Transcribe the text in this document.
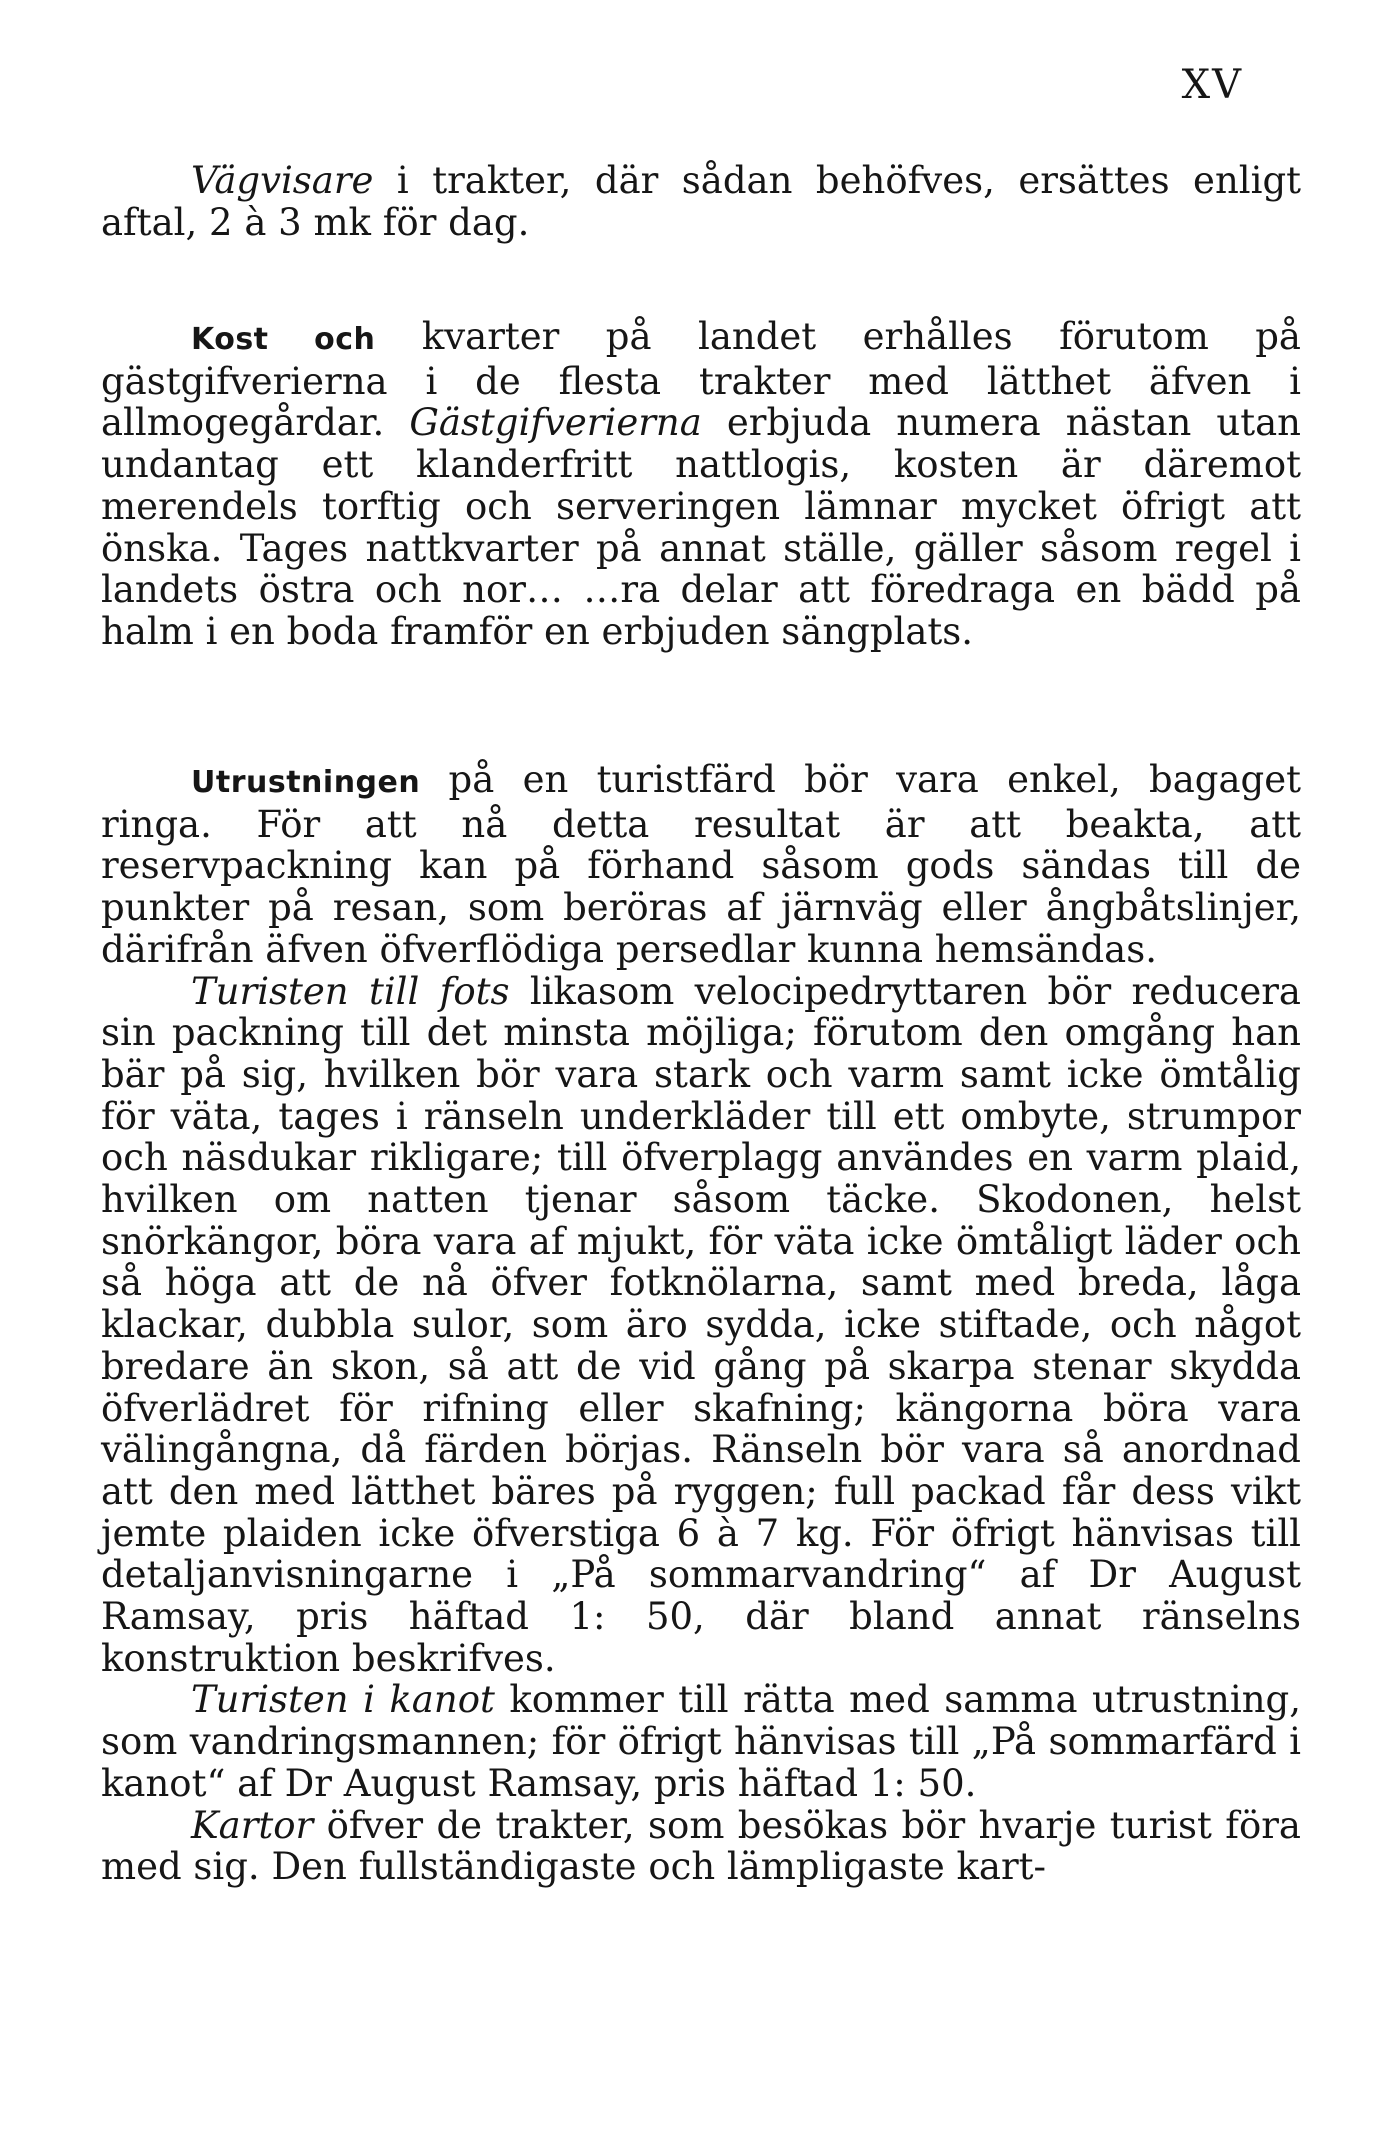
XV

Vägvisare i trakter, där sådan behöfves, ersättes enligt aftal, 2 à 3 mk för dag.

Kost och kvarter på landet erhålles förutom på gästgifverierna i de flesta trakter med lätthet äfven i allmogegårdar. Gästgifverierna erbjuda numera nästan utan undantag ett klanderfritt nattlogis, kosten är däremot merendels torftig och serveringen lämnar mycket öfrigt att önska. Tages nattkvarter på annat ställe, gäller såsom regel i landets östra och nor… …ra delar att föredraga en bädd på halm i en boda framför en erbjuden sängplats.

Utrustningen på en turistfärd bör vara enkel, bagaget ringa. För att nå detta resultat är att beakta, att reservpackning kan på förhand såsom gods sändas till de punkter på resan, som beröras af järnväg eller ångbåtslinjer, därifrån äfven öfverflödiga persedlar kunna hemsändas.

Turisten till fots likasom velocipedryttaren bör reducera sin packning till det minsta möjliga; förutom den omgång han bär på sig, hvilken bör vara stark och varm samt icke ömtålig för väta, tages i ränseln underkläder till ett ombyte, strumpor och näsdukar rikligare; till öfverplagg användes en varm plaid, hvilken om natten tjenar såsom täcke. Skodonen, helst snörkängor, böra vara af mjukt, för väta icke ömtåligt läder och så höga att de nå öfver fotknölarna, samt med breda, låga klackar, dubbla sulor, som äro sydda, icke stiftade, och något bredare än skon, så att de vid gång på skarpa stenar skydda öfverlädret för rifning eller skafning; kängorna böra vara välingångna, då färden börjas. Ränseln bör vara så anordnad att den med lätthet bäres på ryggen; full packad får dess vikt jemte plaiden icke öfverstiga 6 à 7 kg. För öfrigt hänvisas till detaljanvisningarne i „På sommarvandring“ af Dr August Ramsay, pris häftad 1: 50, där bland annat ränselns konstruktion beskrifves.

Turisten i kanot kommer till rätta med samma utrustning, som vandringsmannen; för öfrigt hänvisas till „På sommarfärd i kanot“ af Dr August Ramsay, pris häftad 1: 50.

Kartor öfver de trakter, som besökas bör hvarje turist föra med sig. Den fullständigaste och lämpligaste kart-
